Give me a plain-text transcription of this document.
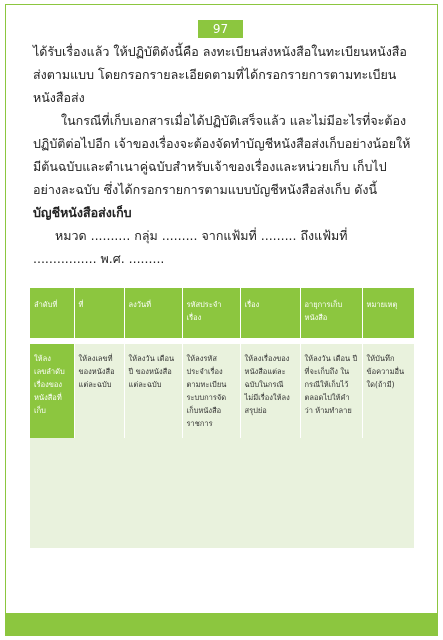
97

ได้รับเรื่องแล้ว ให้ปฏิบัติดังนี้คือ ลงทะเบียนส่งหนังสือในทะเบียนหนังสือส่งตามแบบ โดยกรอกรายละเอียดตามที่ได้กรอกรายการตามทะเบียนหนังสือส่ง

ในกรณีที่เก็บเอกสารเมื่อได้ปฏิบัติเสร็จแล้ว และไม่มีอะไรที่จะต้องปฏิบัติต่อไปอีก เจ้าของเรื่องจะต้องจัดทำบัญชีหนังสือส่งเก็บอย่างน้อยให้มีต้นฉบับและตำเนาคู่ฉบับสำหรับเจ้าของเรื่องและหน่วยเก็บ เก็บไปอย่างละฉบับ ซึ่งได้กรอกรายการตามแบบบัญชีหนังสือส่งเก็บ ดังนี้

บัญชีหนังสือส่งเก็บ

หมวด .......... กลุ่ม ......... จากแฟ้มที่ ......... ถึงแฟ้มที่ ................ พ.ศ. .........

ลำดับที่	ที่	ลงวันที่	รหัสประจำเรื่อง	เรื่อง	อายุการเก็บหนังสือ	หมายเหตุ

ให้ลงเลขลำดับเรื่องของหนังสือที่เก็บ	ให้ลงเลขที่ของหนังสือแต่ละฉบับ	ให้ลงวัน เดือน ปี ของหนังสือแต่ละฉบับ	ให้ลงรหัสประจำเรื่องตามทะเบียนระบบการจัดเก็บหนังสือราชการ	ให้ลงเรื่องของหนังสือแต่ละฉบับในกรณีไม่มีเรื่องให้ลงสรุปย่อ	ให้ลงวัน เดือน ปี ที่จะเก็บถึง ในกรณีให้เก็บไว้ตลอดไปให้คำว่า ห้ามทำลาย	ให้บันทึกข้อความอื่นใด(ถ้ามี)
